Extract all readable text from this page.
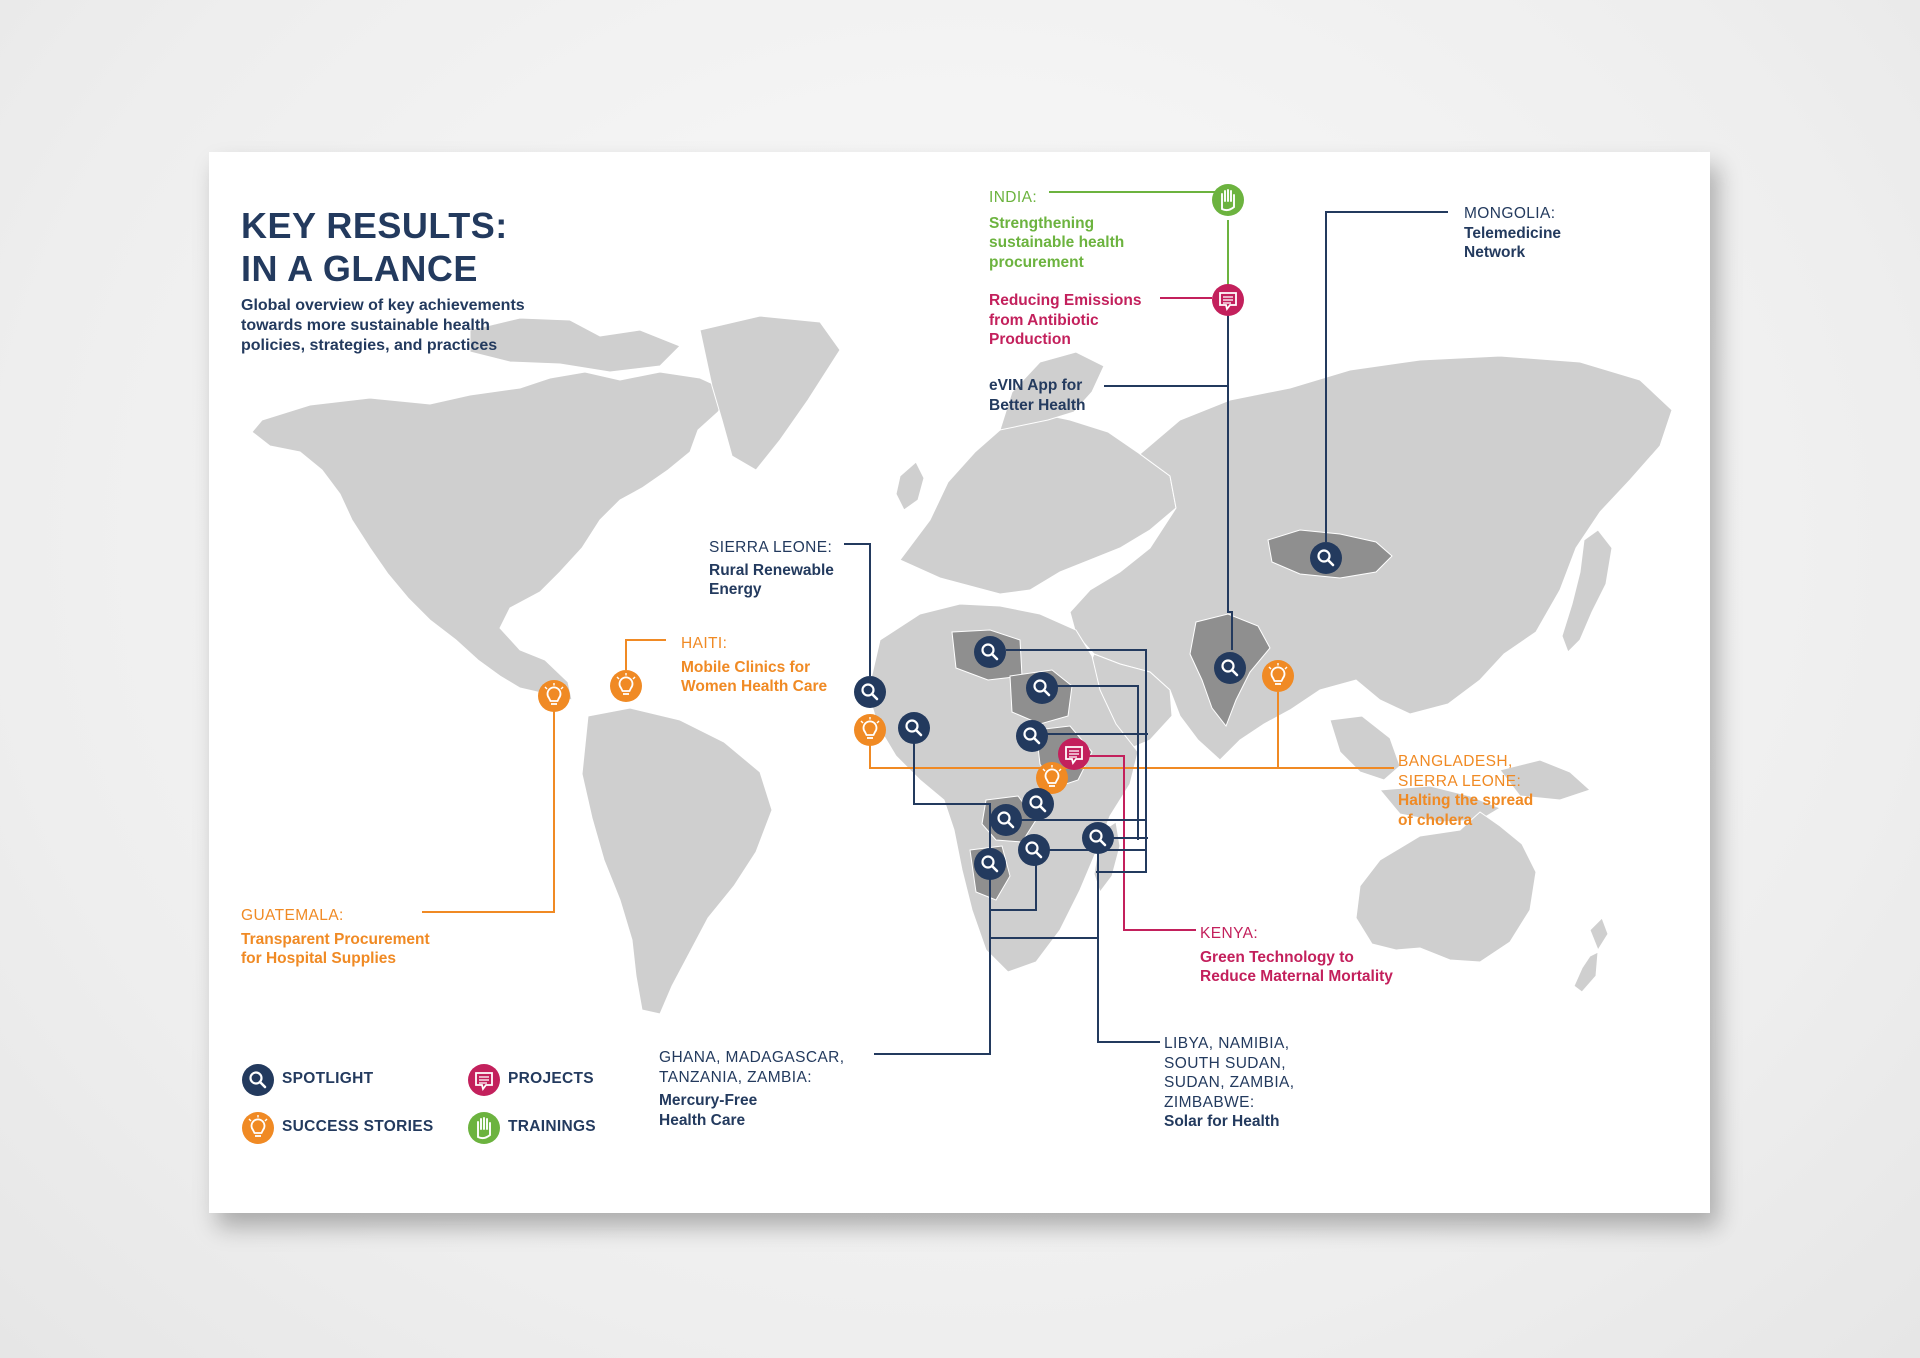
KEY RESULTS:
IN A GLANCE
Global overview of key achievements
towards more sustainable health
policies, strategies, and practices
INDIA:
Strengthening
sustainable health
procurement
Reducing Emissions
from Antibiotic
Production
eVIN App for
Better Health
MONGOLIA:
Telemedicine
Network
SIERRA LEONE:
Rural Renewable
Energy
HAITI:
Mobile Clinics for
Women Health Care
BANGLADESH,
SIERRA LEONE:
Halting the spread
of cholera
GUATEMALA:
Transparent Procurement
for Hospital Supplies
KENYA:
Green Technology to
Reduce Maternal Mortality
GHANA, MADAGASCAR,
TANZANIA, ZAMBIA:
Mercury-Free
Health Care
LIBYA, NAMIBIA,
SOUTH SUDAN,
SUDAN, ZAMBIA,
ZIMBABWE:
Solar for Health
SPOTLIGHT
SUCCESS STORIES
PROJECTS
TRAININGS
